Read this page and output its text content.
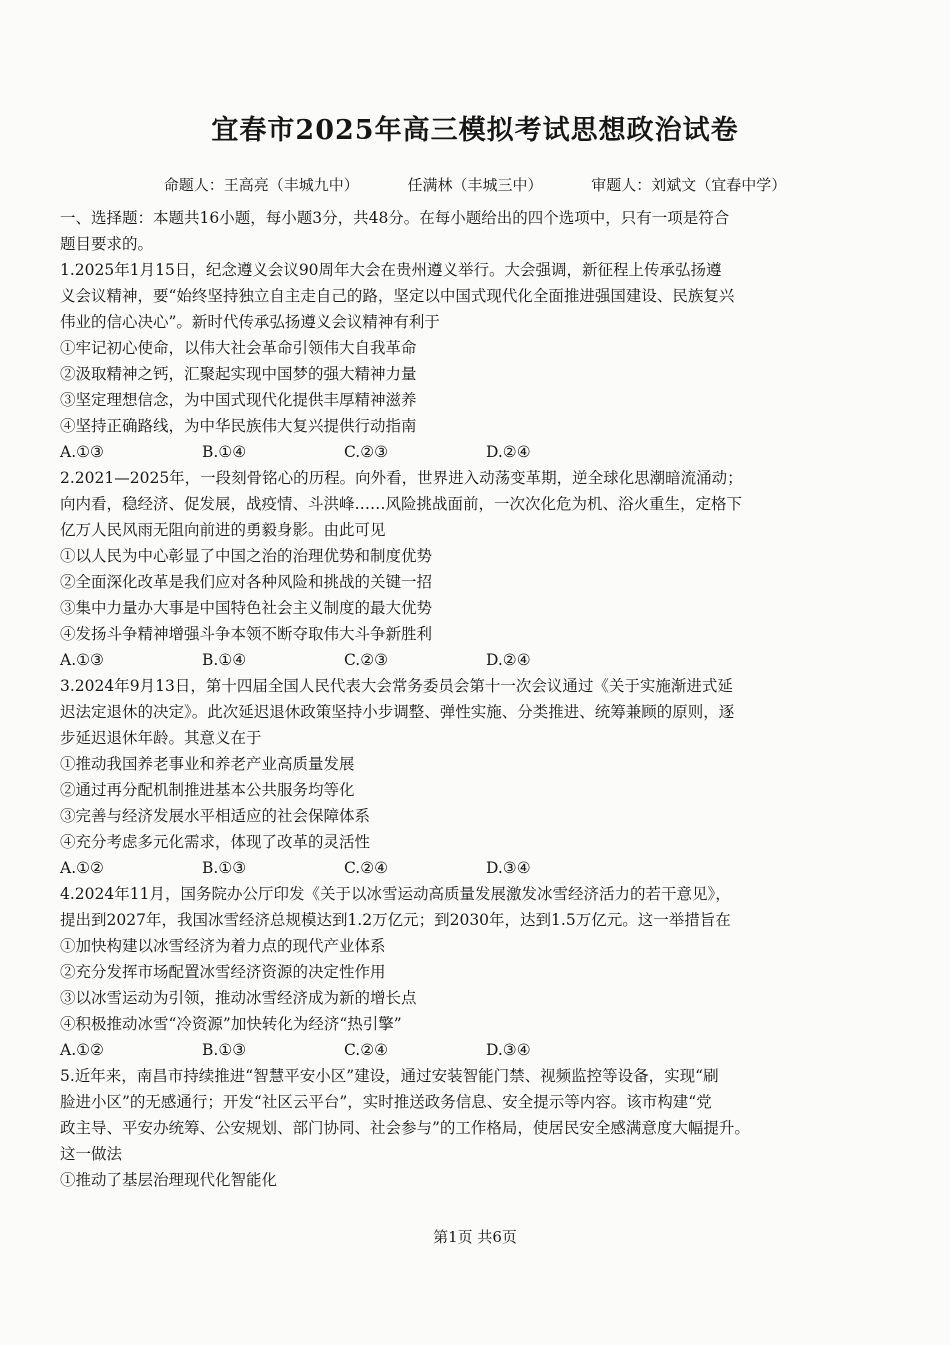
宜春市2025年高三模拟考试思想政治试卷
命题人：王高亮（丰城九中）	任满林（丰城三中）	审题人：刘斌文（宜春中学）
一、选择题：本题共16小题，每小题3分，共48分。在每小题给出的四个选项中，只有一项是符合
题目要求的。
1.2025年1月15日，纪念遵义会议90周年大会在贵州遵义举行。大会强调，新征程上传承弘扬遵
义会议精神，要“始终坚持独立自主走自己的路，坚定以中国式现代化全面推进强国建设、民族复兴
伟业的信心决心”。新时代传承弘扬遵义会议精神有利于
①牢记初心使命，以伟大社会革命引领伟大自我革命
②汲取精神之钙，汇聚起实现中国梦的强大精神力量
③坚定理想信念，为中国式现代化提供丰厚精神滋养
④坚持正确路线，为中华民族伟大复兴提供行动指南
A.①③	B.①④	C.②③	D.②④
2.2021—2025年，一段刻骨铭心的历程。向外看，世界进入动荡变革期，逆全球化思潮暗流涌动；
向内看，稳经济、促发展，战疫情、斗洪峰……风险挑战面前，一次次化危为机、浴火重生，定格下
亿万人民风雨无阻向前进的勇毅身影。由此可见
①以人民为中心彰显了中国之治的治理优势和制度优势
②全面深化改革是我们应对各种风险和挑战的关键一招
③集中力量办大事是中国特色社会主义制度的最大优势
④发扬斗争精神增强斗争本领不断夺取伟大斗争新胜利
A.①③	B.①④	C.②③	D.②④
3.2024年9月13日，第十四届全国人民代表大会常务委员会第十一次会议通过《关于实施渐进式延
迟法定退休的决定》。此次延迟退休政策坚持小步调整、弹性实施、分类推进、统筹兼顾的原则，逐
步延迟退休年龄。其意义在于
①推动我国养老事业和养老产业高质量发展
②通过再分配机制推进基本公共服务均等化
③完善与经济发展水平相适应的社会保障体系
④充分考虑多元化需求，体现了改革的灵活性
A.①②	B.①③	C.②④	D.③④
4.2024年11月，国务院办公厅印发《关于以冰雪运动高质量发展激发冰雪经济活力的若干意见》，
提出到2027年，我国冰雪经济总规模达到1.2万亿元；到2030年，达到1.5万亿元。这一举措旨在
①加快构建以冰雪经济为着力点的现代产业体系
②充分发挥市场配置冰雪经济资源的决定性作用
③以冰雪运动为引领，推动冰雪经济成为新的增长点
④积极推动冰雪“冷资源”加快转化为经济“热引擎”
A.①②	B.①③	C.②④	D.③④
5.近年来，南昌市持续推进“智慧平安小区”建设，通过安装智能门禁、视频监控等设备，实现“刷
脸进小区”的无感通行；开发“社区云平台”，实时推送政务信息、安全提示等内容。该市构建“党
政主导、平安办统筹、公安规划、部门协同、社会参与”的工作格局，使居民安全感满意度大幅提升。
这一做法
①推动了基层治理现代化智能化
第1页 共6页
